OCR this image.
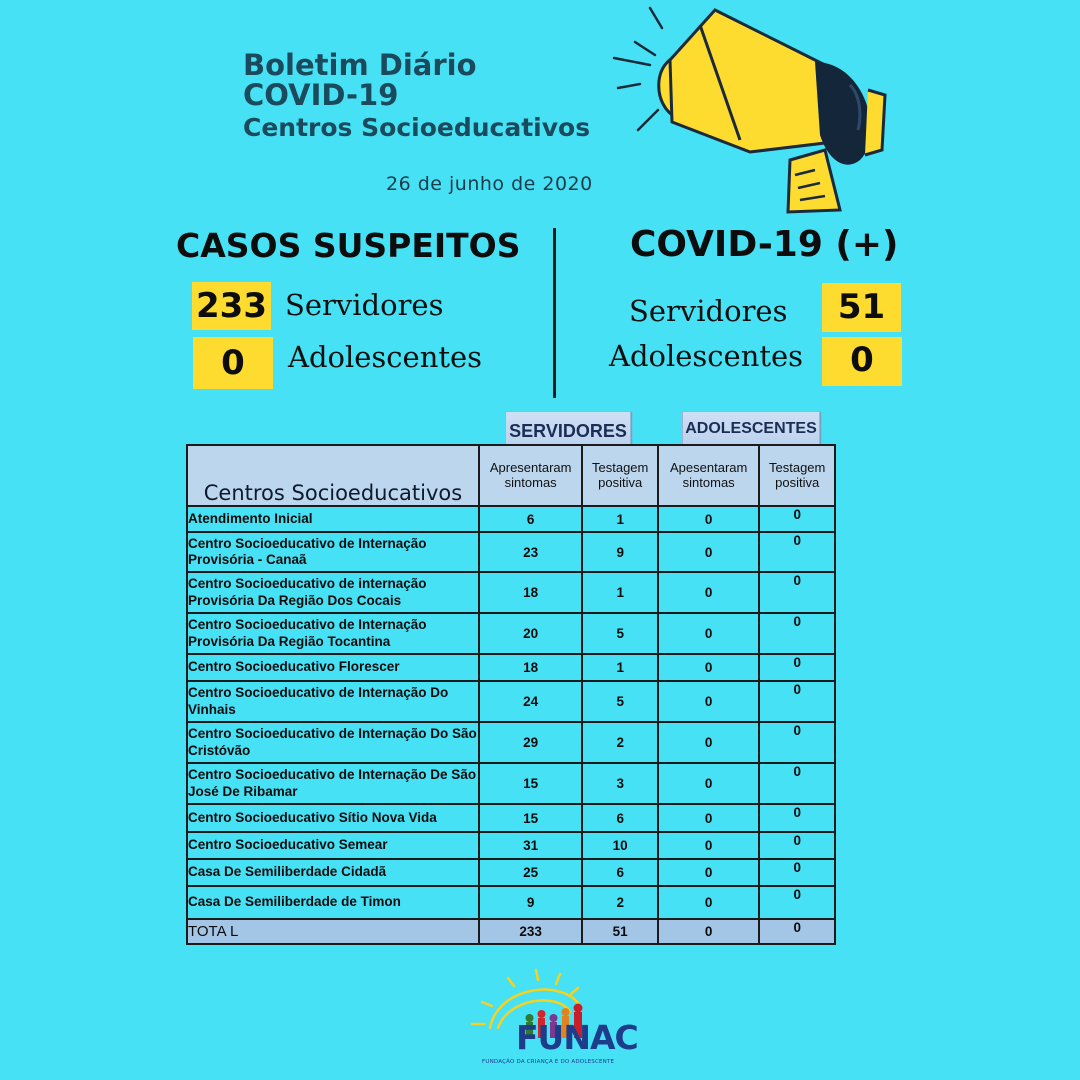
Boletim Diário
COVID-19
Centros Socioeducativos
26 de junho de 2020
CASOS SUSPEITOS	COVID-19 (+)
233 Servidores
0	Adolescentes
Servidores	51
Adolescentes	0
SERVIDORES	ADOLESCENTES
Centros Socioeducativos	Apresentaram sintomas	Testagem positiva	Apesentaram sintomas	Testagem positiva
Atendimento Inicial	6	1	0	0
Centro Socioeducativo de Internação Provisória - Canaã	23	9	0	0
Centro Socioeducativo de internação Provisória Da Região Dos Cocais	18	1	0	0
Centro Socioeducativo de Internação Provisória Da Região Tocantina	20	5	0	0
Centro Socioeducativo Florescer	18	1	0	0
Centro Socioeducativo de Internação Do Vinhais	24	5	0	0
Centro Socioeducativo de Internação Do São Cristóvão	29	2	0	0
Centro Socioeducativo de Internação De São José De Ribamar	15	3	0	0
Centro Socioeducativo Sítio Nova Vida	15	6	0	0
Centro Socioeducativo Semear	31	10	0	0
Casa De Semiliberdade Cidadã	25	6	0	0
Casa De Semiliberdade de Timon	9	2	0	0
TOTA L	233	51	0	0
FUNAC
FUNDAÇÃO DA CRIANÇA E DO ADOLESCENTE
